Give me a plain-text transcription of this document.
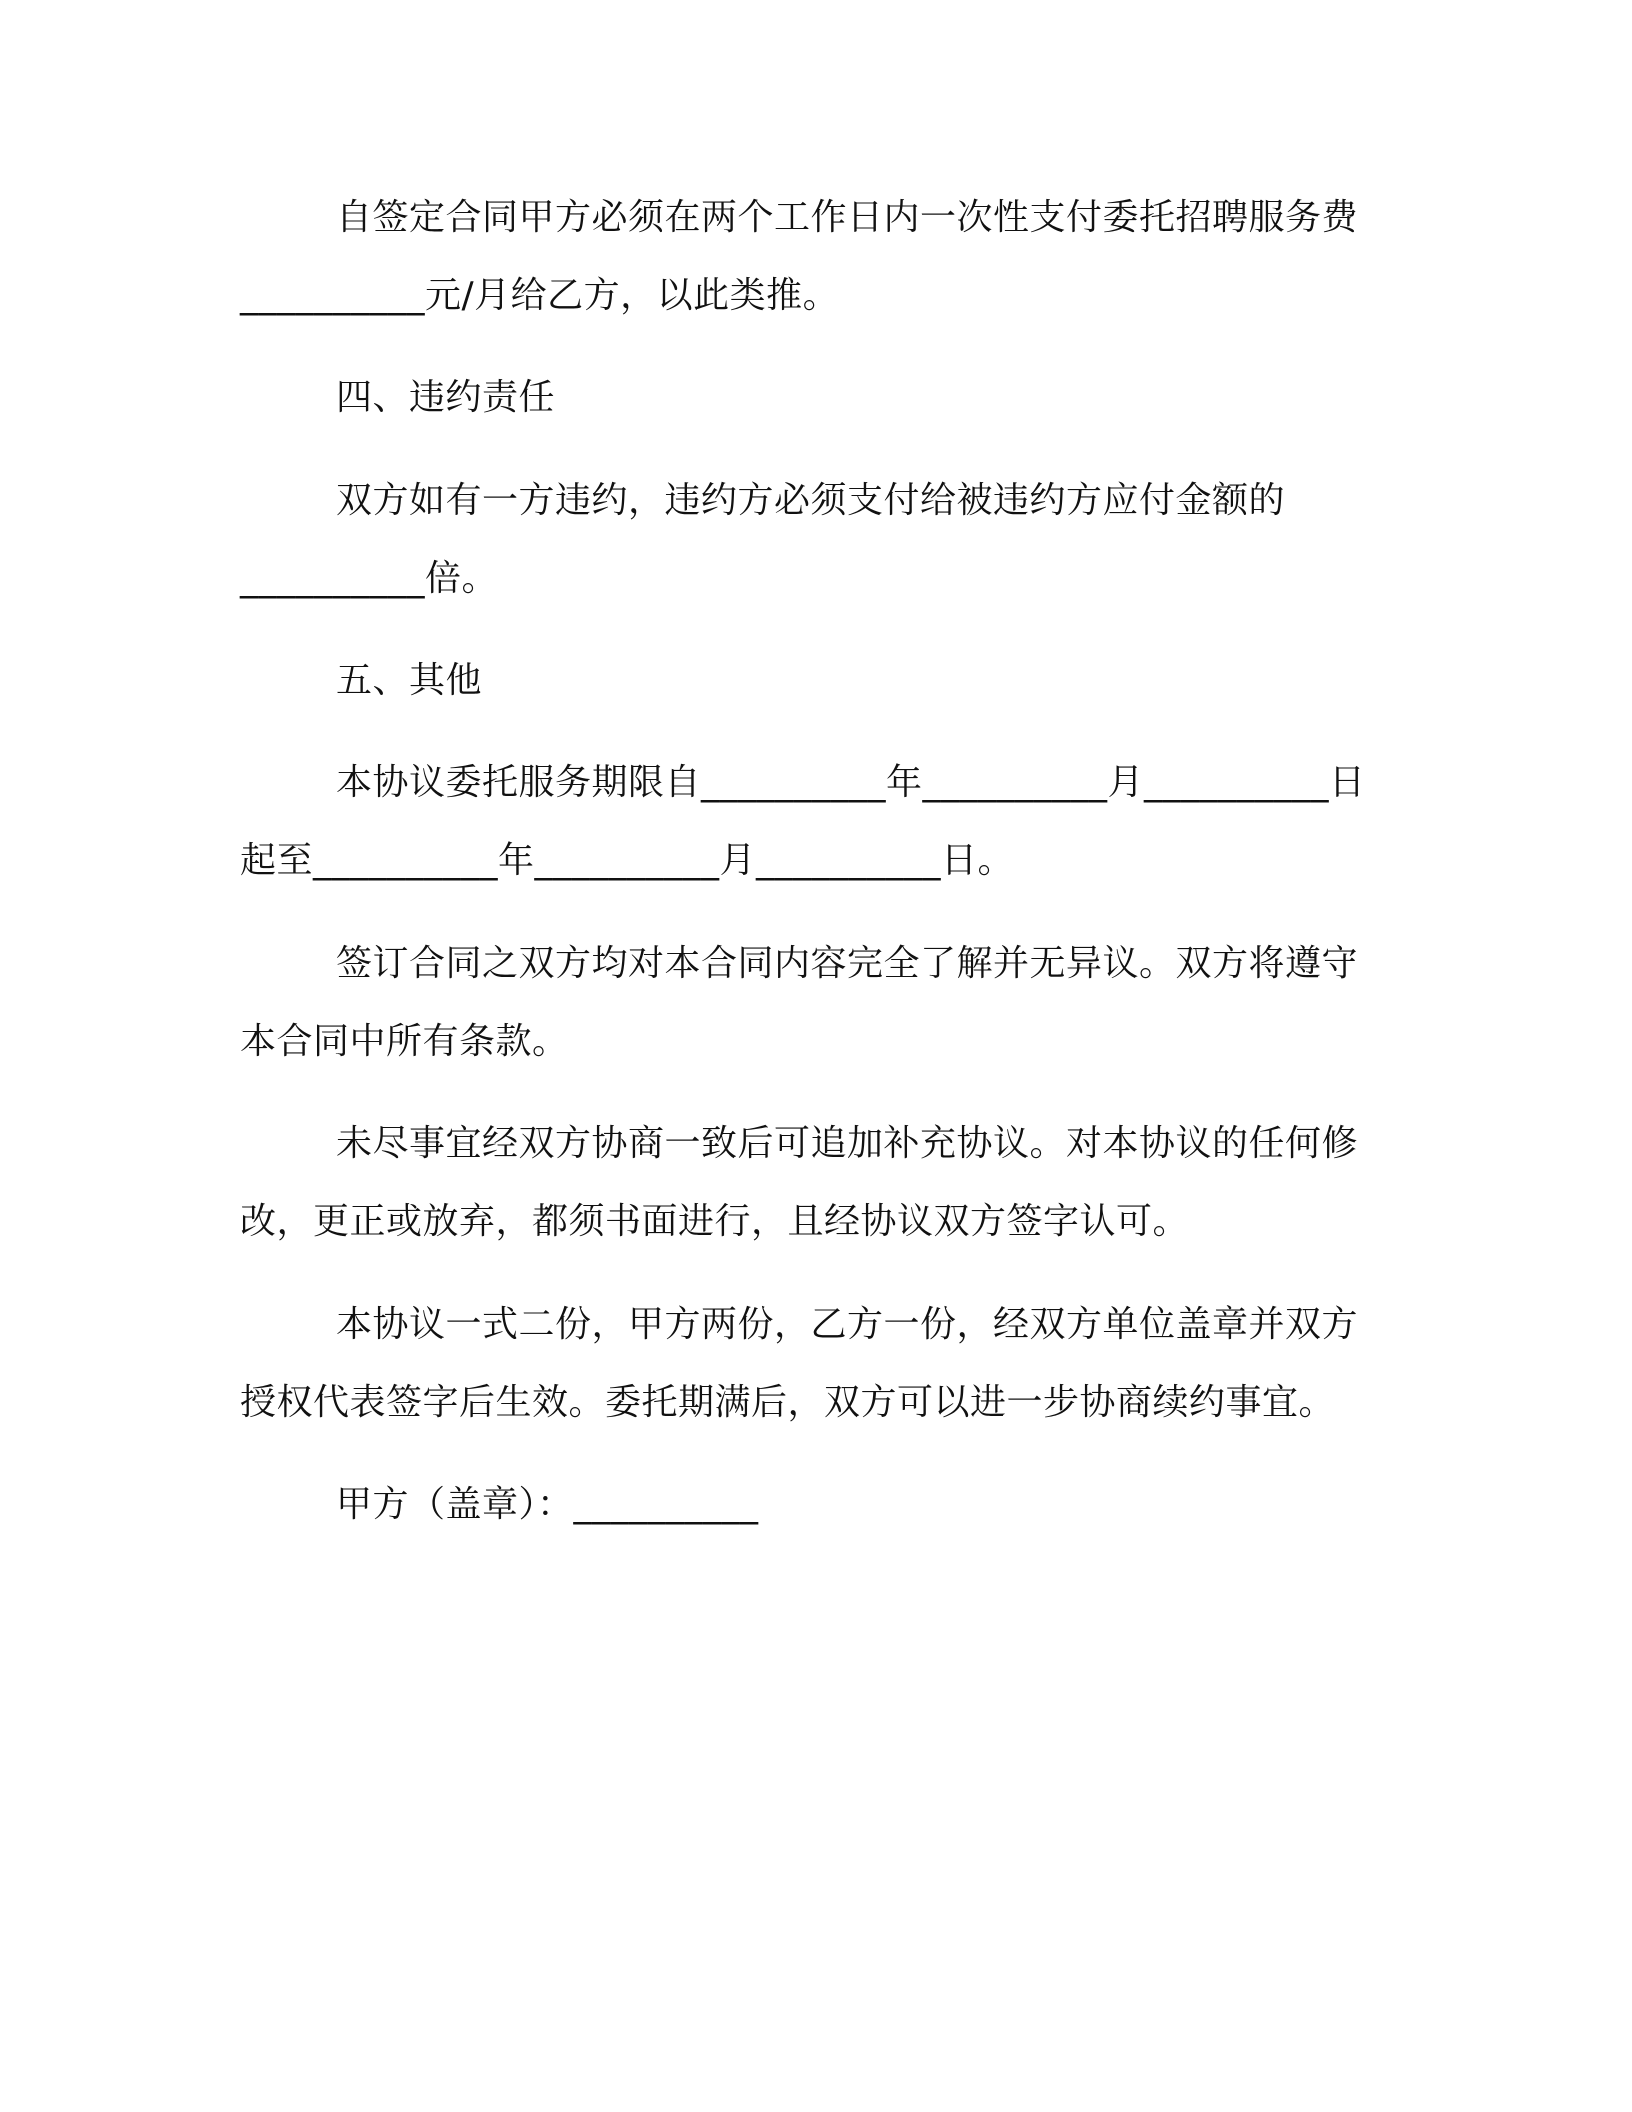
自签定合同甲方必须在两个工作日内一次性支付委托招聘服务费
__________元/月给乙方，以此类推。
四、违约责任
双方如有一方违约，违约方必须支付给被违约方应付金额的
__________倍。
五、其他
本协议委托服务期限自__________年__________月__________日
起至__________年__________月__________日。
签订合同之双方均对本合同内容完全了解并无异议。双方将遵守
本合同中所有条款。
未尽事宜经双方协商一致后可追加补充协议。对本协议的任何修
改，更正或放弃，都须书面进行，且经协议双方签字认可。
本协议一式二份，甲方两份，乙方一份，经双方单位盖章并双方
授权代表签字后生效。委托期满后，双方可以进一步协商续约事宜。
甲方（盖章）：__________
